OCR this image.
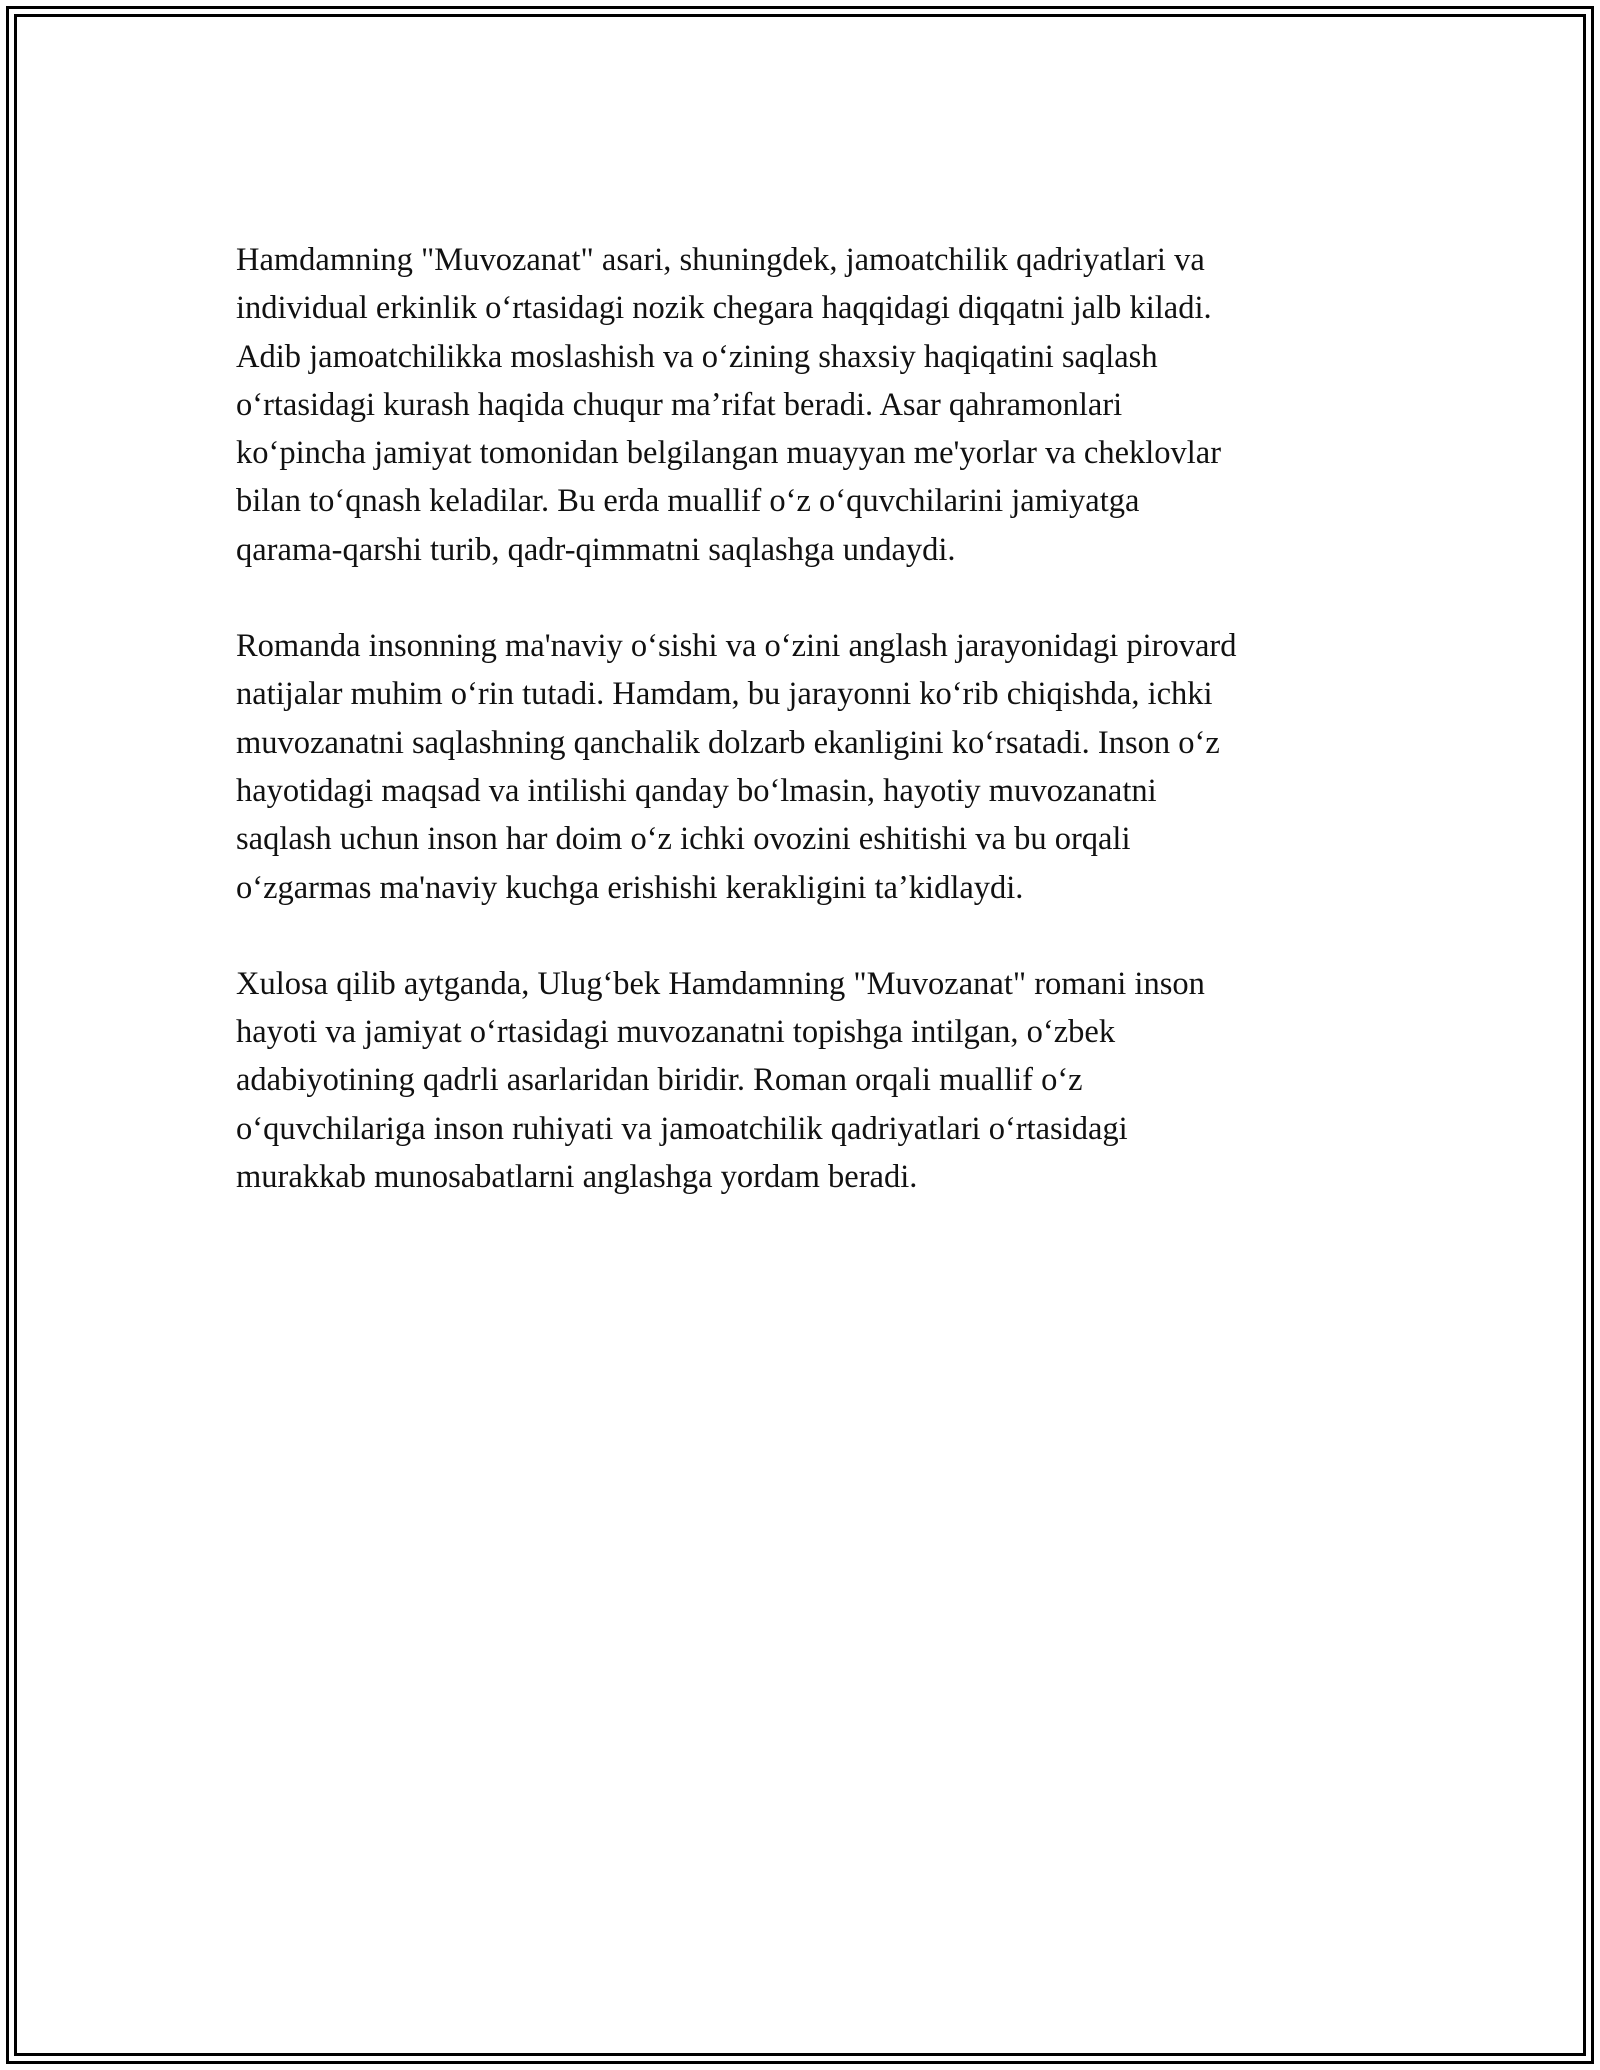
Hamdamning "Muvozanat" asari, shuningdek, jamoatchilik qadriyatlari va
individual erkinlik oʻrtasidagi nozik chegara haqqidagi diqqatni jalb kiladi.
Adib jamoatchilikka moslashish va oʻzining shaxsiy haqiqatini saqlash
oʻrtasidagi kurash haqida chuqur maʼrifat beradi. Asar qahramonlari
koʻpincha jamiyat tomonidan belgilangan muayyan me'yorlar va cheklovlar
bilan toʻqnash keladilar. Bu erda muallif oʻz oʻquvchilarini jamiyatga
qarama-qarshi turib, qadr-qimmatni saqlashga undaydi.

Romanda insonning ma'naviy oʻsishi va oʻzini anglash jarayonidagi pirovard
natijalar muhim oʻrin tutadi. Hamdam, bu jarayonni koʻrib chiqishda, ichki
muvozanatni saqlashning qanchalik dolzarb ekanligini koʻrsatadi. Inson oʻz
hayotidagi maqsad va intilishi qanday boʻlmasin, hayotiy muvozanatni
saqlash uchun inson har doim oʻz ichki ovozini eshitishi va bu orqali
oʻzgarmas ma'naviy kuchga erishishi kerakligini taʼkidlaydi.

Xulosa qilib aytganda, Ulugʻbek Hamdamning "Muvozanat" romani inson
hayoti va jamiyat oʻrtasidagi muvozanatni topishga intilgan, oʻzbek
adabiyotining qadrli asarlaridan biridir. Roman orqali muallif oʻz
oʻquvchilariga inson ruhiyati va jamoatchilik qadriyatlari oʻrtasidagi
murakkab munosabatlarni anglashga yordam beradi.
